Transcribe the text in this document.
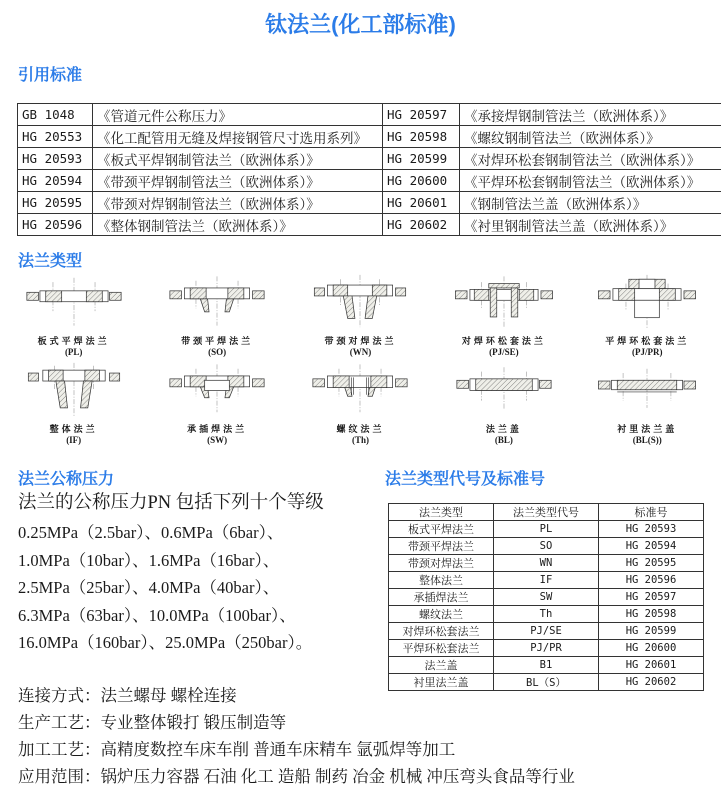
钛法兰(化工部标准)
引用标准
GB 1048	《管道元件公称压力》	HG 20597	《承接焊钢制管法兰（欧洲体系）》
HG 20553	《化工配管用无缝及焊接钢管尺寸选用系列》	HG 20598	《螺纹钢制管法兰（欧洲体系）》
HG 20593	《板式平焊钢制管法兰（欧洲体系）》	HG 20599	《对焊环松套钢制管法兰（欧洲体系）》
HG 20594	《带颈平焊钢制管法兰（欧洲体系）》	HG 20600	《平焊环松套钢制管法兰（欧洲体系）》
HG 20595	《带颈对焊钢制管法兰（欧洲体系）》	HG 20601	《钢制管法兰盖（欧洲体系）》
HG 20596	《整体钢制管法兰（欧洲体系）》	HG 20602	《衬里钢制管法兰盖（欧洲体系）》
法兰类型
板式平焊法兰
(PL)
带颈平焊法兰
(SO)
带颈对焊法兰
(WN)
对焊环松套法兰
(PJ/SE)
平焊环松套法兰
(PJ/PR)
整体法兰
(IF)
承插焊法兰
(SW)
螺纹法兰
(Th)
法兰盖
(BL)
衬里法兰盖
(BL(S))
法兰公称压力

法兰的公称压力PN 包括下列十个等级

0.25MPa（2.5bar）、0.6MPa（6bar）、
1.0MPa（10bar）、1.6MPa（16bar）、
2.5MPa（25bar）、4.0MPa（40bar）、
6.3MPa（63bar）、10.0MPa（100bar）、
16.0MPa（160bar）、25.0MPa（250bar）。
法兰类型代号及标准号
法兰类型	法兰类型代号	标准号
板式平焊法兰	PL	HG 20593
带颈平焊法兰	SO	HG 20594
带颈对焊法兰	WN	HG 20595
整体法兰	IF	HG 20596
承插焊法兰	SW	HG 20597
螺纹法兰	Th	HG 20598
对焊环松套法兰	PJ/SE	HG 20599
平焊环松套法兰	PJ/PR	HG 20600
法兰盖	B1	HG 20601
衬里法兰盖	BL（S）	HG 20602
连接方式：法兰螺母 螺栓连接
生产工艺：专业整体锻打 锻压制造等
加工工艺：高精度数控车床车削 普通车床精车 氩弧焊等加工
应用范围：锅炉压力容器 石油 化工 造船 制药 冶金 机械 冲压弯头食品等行业
